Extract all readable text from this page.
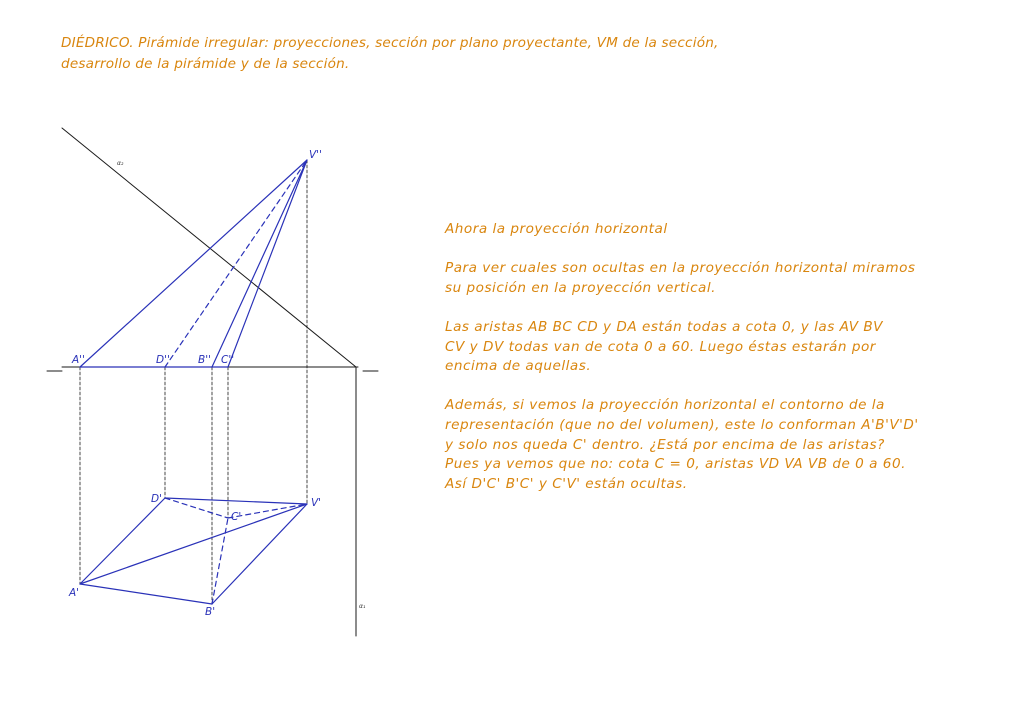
DIÉDRICO. Pirámide irregular: proyecciones, sección por plano proyectante, VM de la sección,
desarrollo de la pirámide y de la sección.
V''
A''	D''	B'' C''
D'	V'
C'
A'
B'
α₂
α₁

Ahora la proyección horizontal

Para ver cuales son ocultas en la proyección horizontal miramos
su posición en la proyección vertical.

Las aristas AB BC CD y DA están todas a cota 0, y las AV BV
CV y DV todas van de cota 0 a 60. Luego éstas estarán por
encima de aquellas.

Además, si vemos la proyección horizontal el contorno de la
representación (que no del volumen), este lo conforman A'B'V'D'
y solo nos queda C' dentro. ¿Está por encima de las aristas?
Pues ya vemos que no: cota C = 0, aristas VD VA VB de 0 a 60.
Así D'C' B'C' y C'V' están ocultas.
